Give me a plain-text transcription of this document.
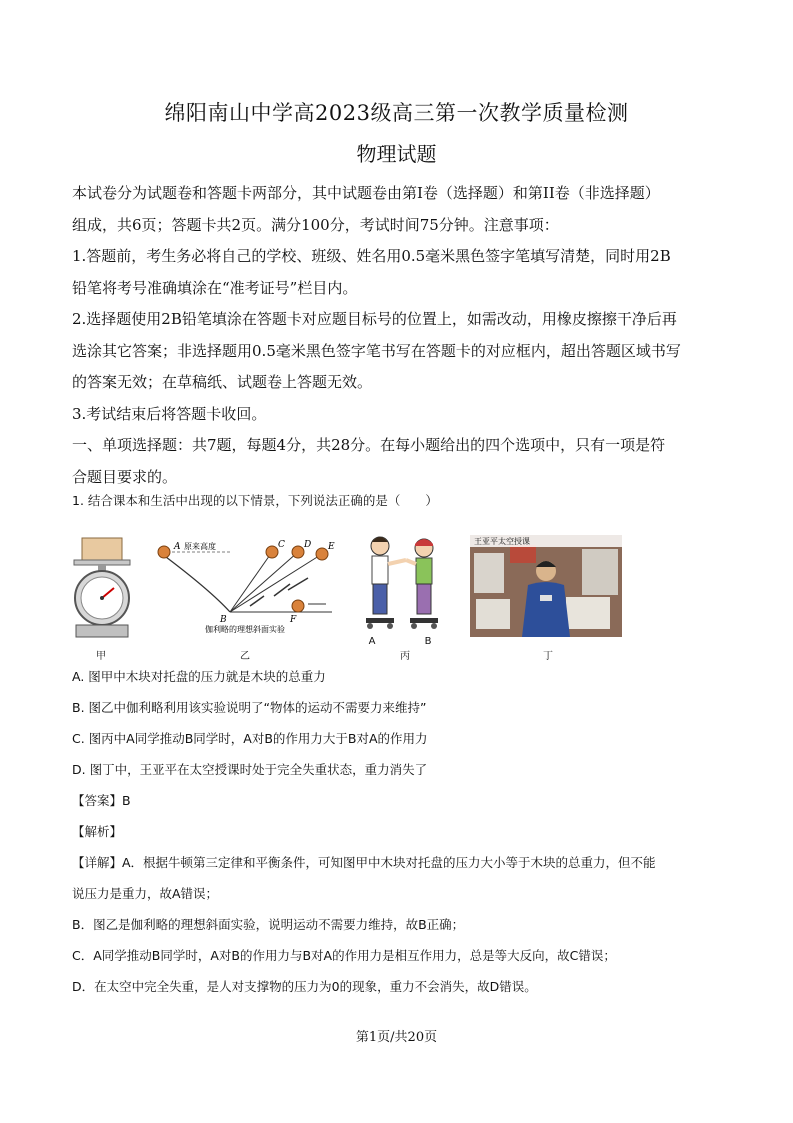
绵阳南山中学高2023级高三第一次教学质量检测
物理试题
本试卷分为试题卷和答题卡两部分，其中试题卷由第I卷（选择题）和第II卷（非选择题）
组成，共6页；答题卡共2页。满分100分，考试时间75分钟。注意事项：
1.答题前，考生务必将自己的学校、班级、姓名用0.5毫米黑色签字笔填写清楚，同时用2B
铅笔将考号准确填涂在“准考证号”栏目内。
2.选择题使用2B铅笔填涂在答题卡对应题目标号的位置上，如需改动，用橡皮擦擦干净后再
选涂其它答案；非选择题用0.5毫米黑色签字笔书写在答题卡的对应框内，超出答题区域书写
的答案无效；在草稿纸、试题卷上答题无效。
3.考试结束后将答题卡收回。
一、单项选择题：共7题，每题4分，共28分。在每小题给出的四个选项中，只有一项是符
合题目要求的。
1. 结合课本和生活中出现的以下情景，下列说法正确的是（　　）
甲
A
B
C D E
F
原来高度
伽利略的理想斜面实验
乙
A	B
丙
王亚平太空授课
丁
A. 图甲中木块对托盘的压力就是木块的总重力
B. 图乙中伽利略利用该实验说明了“物体的运动不需要力来维持”
C. 图丙中A同学推动B同学时，A对B的作用力大于B对A的作用力
D. 图丁中，王亚平在太空授课时处于完全失重状态，重力消失了
【答案】B
【解析】
【详解】A．根据牛顿第三定律和平衡条件，可知图甲中木块对托盘的压力大小等于木块的总重力，但不能
说压力是重力，故A错误；
B．图乙是伽利略的理想斜面实验，说明运动不需要力维持，故B正确；
C．A同学推动B同学时，A对B的作用力与B对A的作用力是相互作用力，总是等大反向，故C错误；
D．在太空中完全失重，是人对支撑物的压力为0的现象，重力不会消失，故D错误。
第1页/共20页
